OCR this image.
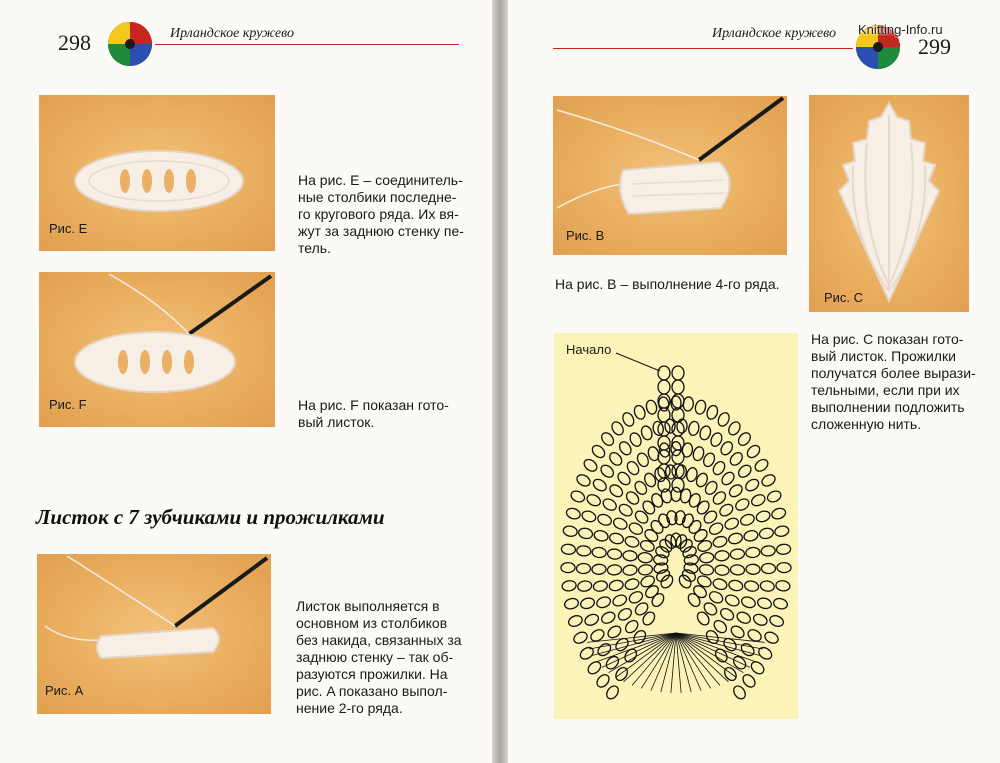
298	Ирландское кружево	Ирландское кружево
299
Knitting-Info.ru
Рис. E
На рис. E – соединитель-
ные столбики последне-
го кругового ряда. Их вя-
жут за заднюю стенку пе-
тель.
Рис. F	На рис. F показан гото-
вый листок.
Листок с 7 зубчиками и прожилками
Рис. A
Листок выполняется в
основном из столбиков
без накида, связанных за
заднюю стенку – так об-
разуются прожилки. На
рис. A показано выпол-
нение 2-го ряда.
Рис. B
На рис. B – выполнение 4-го ряда.
Рис. C
На рис. C показан гото-
вый листок. Прожилки
получатся более вырази-
тельными, если при их
выполнении подложить
сложенную нить.
Начало
